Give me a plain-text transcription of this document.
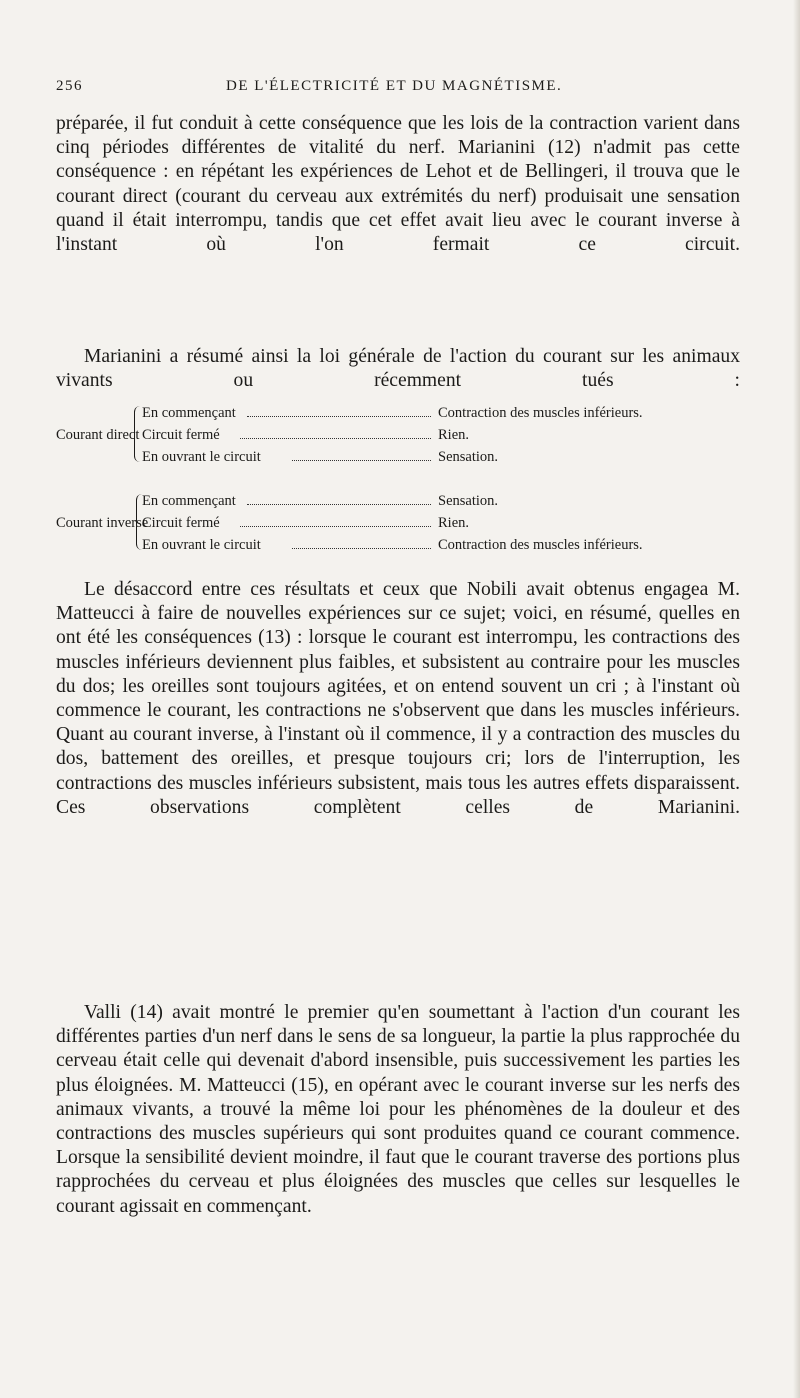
256	DE L'ÉLECTRICITÉ ET DU MAGNÉTISME.
préparée, il fut conduit à cette conséquence que les lois de la contraction varient dans cinq périodes différentes de vitalité du nerf. Marianini (12) n'admit pas cette conséquence : en répétant les expériences de Lehot et de Bellingeri, il trouva que le courant direct (courant du cerveau aux extrémités du nerf) produisait une sensation quand il était interrompu, tandis que cet effet avait lieu avec le courant inverse à l'instant où l'on fermait ce circuit.
Marianini a résumé ainsi la loi générale de l'action du courant sur les animaux vivants ou récemment tués :
Courant direct
En commençant	Contraction des muscles inférieurs.
Circuit fermé	Rien.
En ouvrant le circuit	Sensation.
Courant inverse
En commençant	Sensation.
Circuit fermé	Rien.
En ouvrant le circuit	Contraction des muscles inférieurs.
Le désaccord entre ces résultats et ceux que Nobili avait obtenus engagea M. Matteucci à faire de nouvelles expériences sur ce sujet; voici, en résumé, quelles en ont été les conséquences (13) : lorsque le courant est interrompu, les contractions des muscles inférieurs deviennent plus faibles, et subsistent au contraire pour les muscles du dos; les oreilles sont toujours agitées, et on entend souvent un cri ; à l'instant où commence le courant, les contractions ne s'observent que dans les muscles inférieurs. Quant au courant inverse, à l'instant où il commence, il y a contraction des muscles du dos, battement des oreilles, et presque toujours cri; lors de l'interruption, les contractions des muscles inférieurs subsistent, mais tous les autres effets disparaissent. Ces observations complètent celles de Marianini.
Valli (14) avait montré le premier qu'en soumettant à l'action d'un courant les différentes parties d'un nerf dans le sens de sa longueur, la partie la plus rapprochée du cerveau était celle qui devenait d'abord insensible, puis successivement les parties les plus éloignées. M. Matteucci (15), en opérant avec le courant inverse sur les nerfs des animaux vivants, a trouvé la même loi pour les phénomènes de la douleur et des contractions des muscles supérieurs qui sont produites quand ce courant commence. Lorsque la sensibilité devient moindre, il faut que le courant traverse des portions plus rapprochées du cerveau et plus éloignées des muscles que celles sur lesquelles le courant agissait en commençant.
